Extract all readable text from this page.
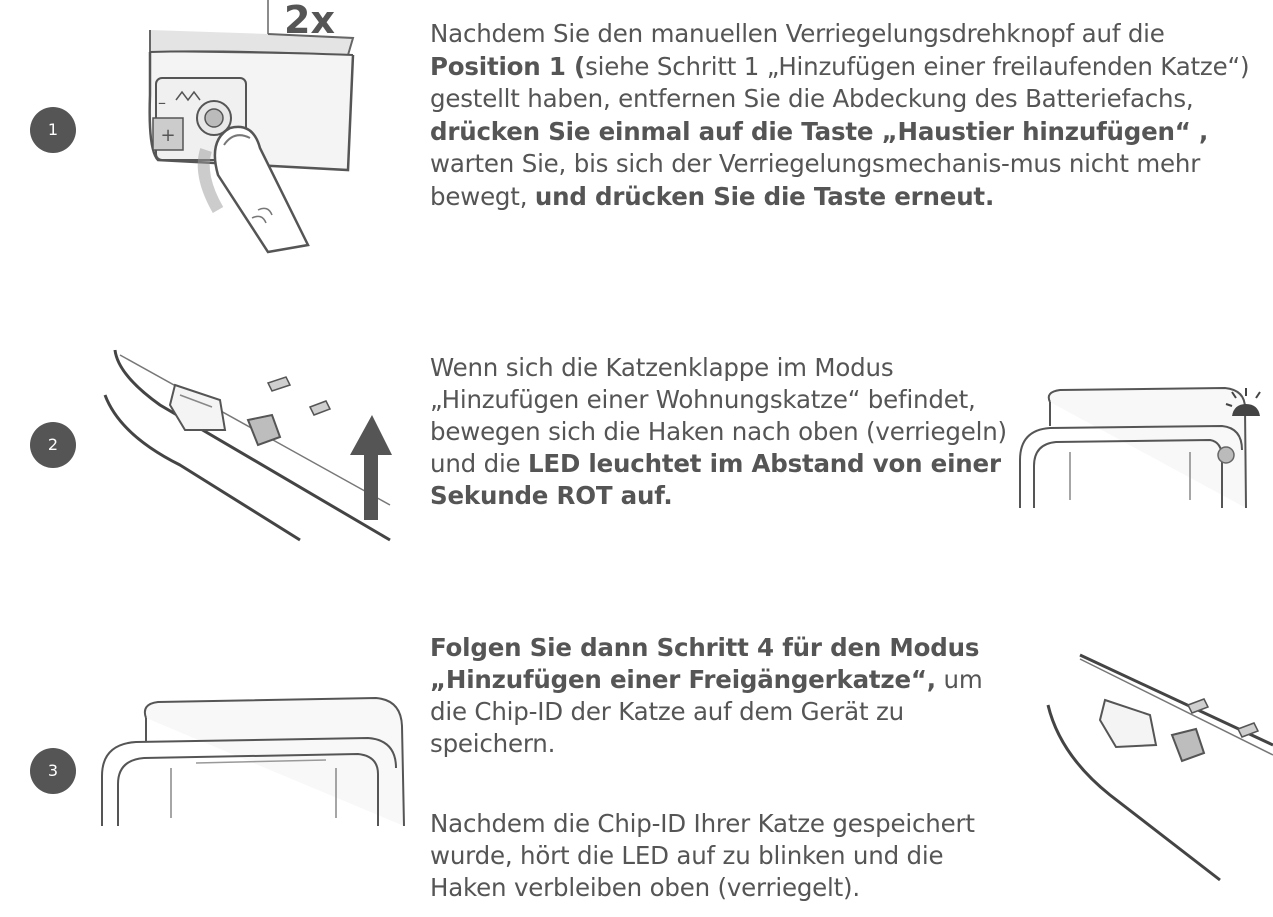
1	+
–
2x	Nachdem Sie den manuellen Verriegelungsdrehknopf auf die Position 1 (siehe Schritt 1 „Hinzufügen einer freilaufenden Katze“) gestellt haben, entfernen Sie die Abdeckung des Batteriefachs, drücken Sie einmal auf die Taste „Haustier hinzufügen“ , warten Sie, bis sich der Verriegelungsmechanis-mus nicht mehr bewegt, und drücken Sie die Taste erneut.

2

Wenn sich die Katzenklappe im Modus „Hinzufügen einer Wohnungskatze“ befindet, bewegen sich die Haken nach oben (verriegeln) und die LED leuchtet im Abstand von einer Sekunde ROT auf.

3

Folgen Sie dann Schritt 4 für den Modus „Hinzufügen einer Freigängerkatze“, um die Chip-ID der Katze auf dem Gerät zu speichern.

Nachdem die Chip-ID Ihrer Katze gespeichert wurde, hört die LED auf zu blinken und die Haken verbleiben oben (verriegelt).
